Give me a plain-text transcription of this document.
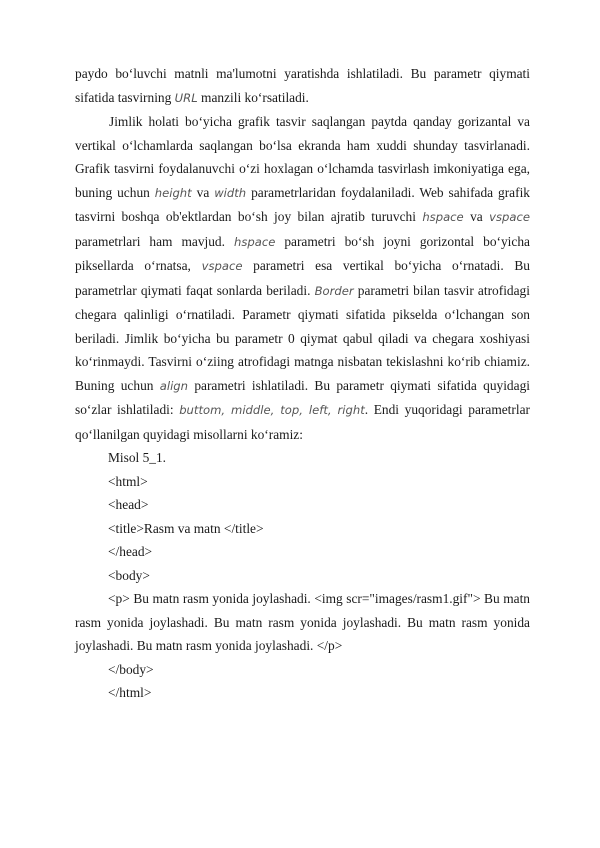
paydo bo‘luvchi matnli ma'lumotni yaratishda ishlatiladi. Bu parametr qiymati sifatida tasvirning URL manzili ko‘rsatiladi.

Jimlik holati bo‘yicha grafik tasvir saqlangan paytda qanday gorizantal va vertikal o‘lchamlarda saqlangan bo‘lsa ekranda ham xuddi shunday tasvirlanadi. Grafik tasvirni foydalanuvchi o‘zi hoxlagan o‘lchamda tasvirlash imkoniyatiga ega, buning uchun height va width parametrlaridan foydalaniladi. Web sahifada grafik tasvirni boshqa ob'ektlardan bo‘sh joy bilan ajratib turuvchi hspace va vspace parametrlari ham mavjud. hspace parametri bo‘sh joyni gorizontal bo‘yicha piksellarda o‘rnatsa, vspace parametri esa vertikal bo‘yicha o‘rnatadi. Bu parametrlar qiymati faqat sonlarda beriladi. Border parametri bilan tasvir atrofidagi chegara qalinligi o‘rnatiladi. Parametr qiymati sifatida pikselda o‘lchangan son beriladi. Jimlik bo‘yicha bu parametr 0 qiymat qabul qiladi va chegara xoshiyasi ko‘rinmaydi. Tasvirni o‘ziing atrofidagi matnga nisbatan tekislashni ko‘rib chiamiz. Buning uchun align parametri ishlatiladi. Bu parametr qiymati sifatida quyidagi so‘zlar ishlatiladi: buttom, middle, top, left, right. Endi yuqoridagi parametrlar qo‘llanilgan quyidagi misollarni ko‘ramiz:

Misol 5_1.

<html>

<head>

<title>Rasm va matn </title>

</head>

<body>

<p> Bu matn rasm yonida joylashadi. <img scr="images/rasm1.gif"> Bu matn rasm yonida joylashadi. Bu matn rasm yonida joylashadi. Bu matn rasm yonida joylashadi. Bu matn rasm yonida joylashadi. </p>

</body>

</html>
